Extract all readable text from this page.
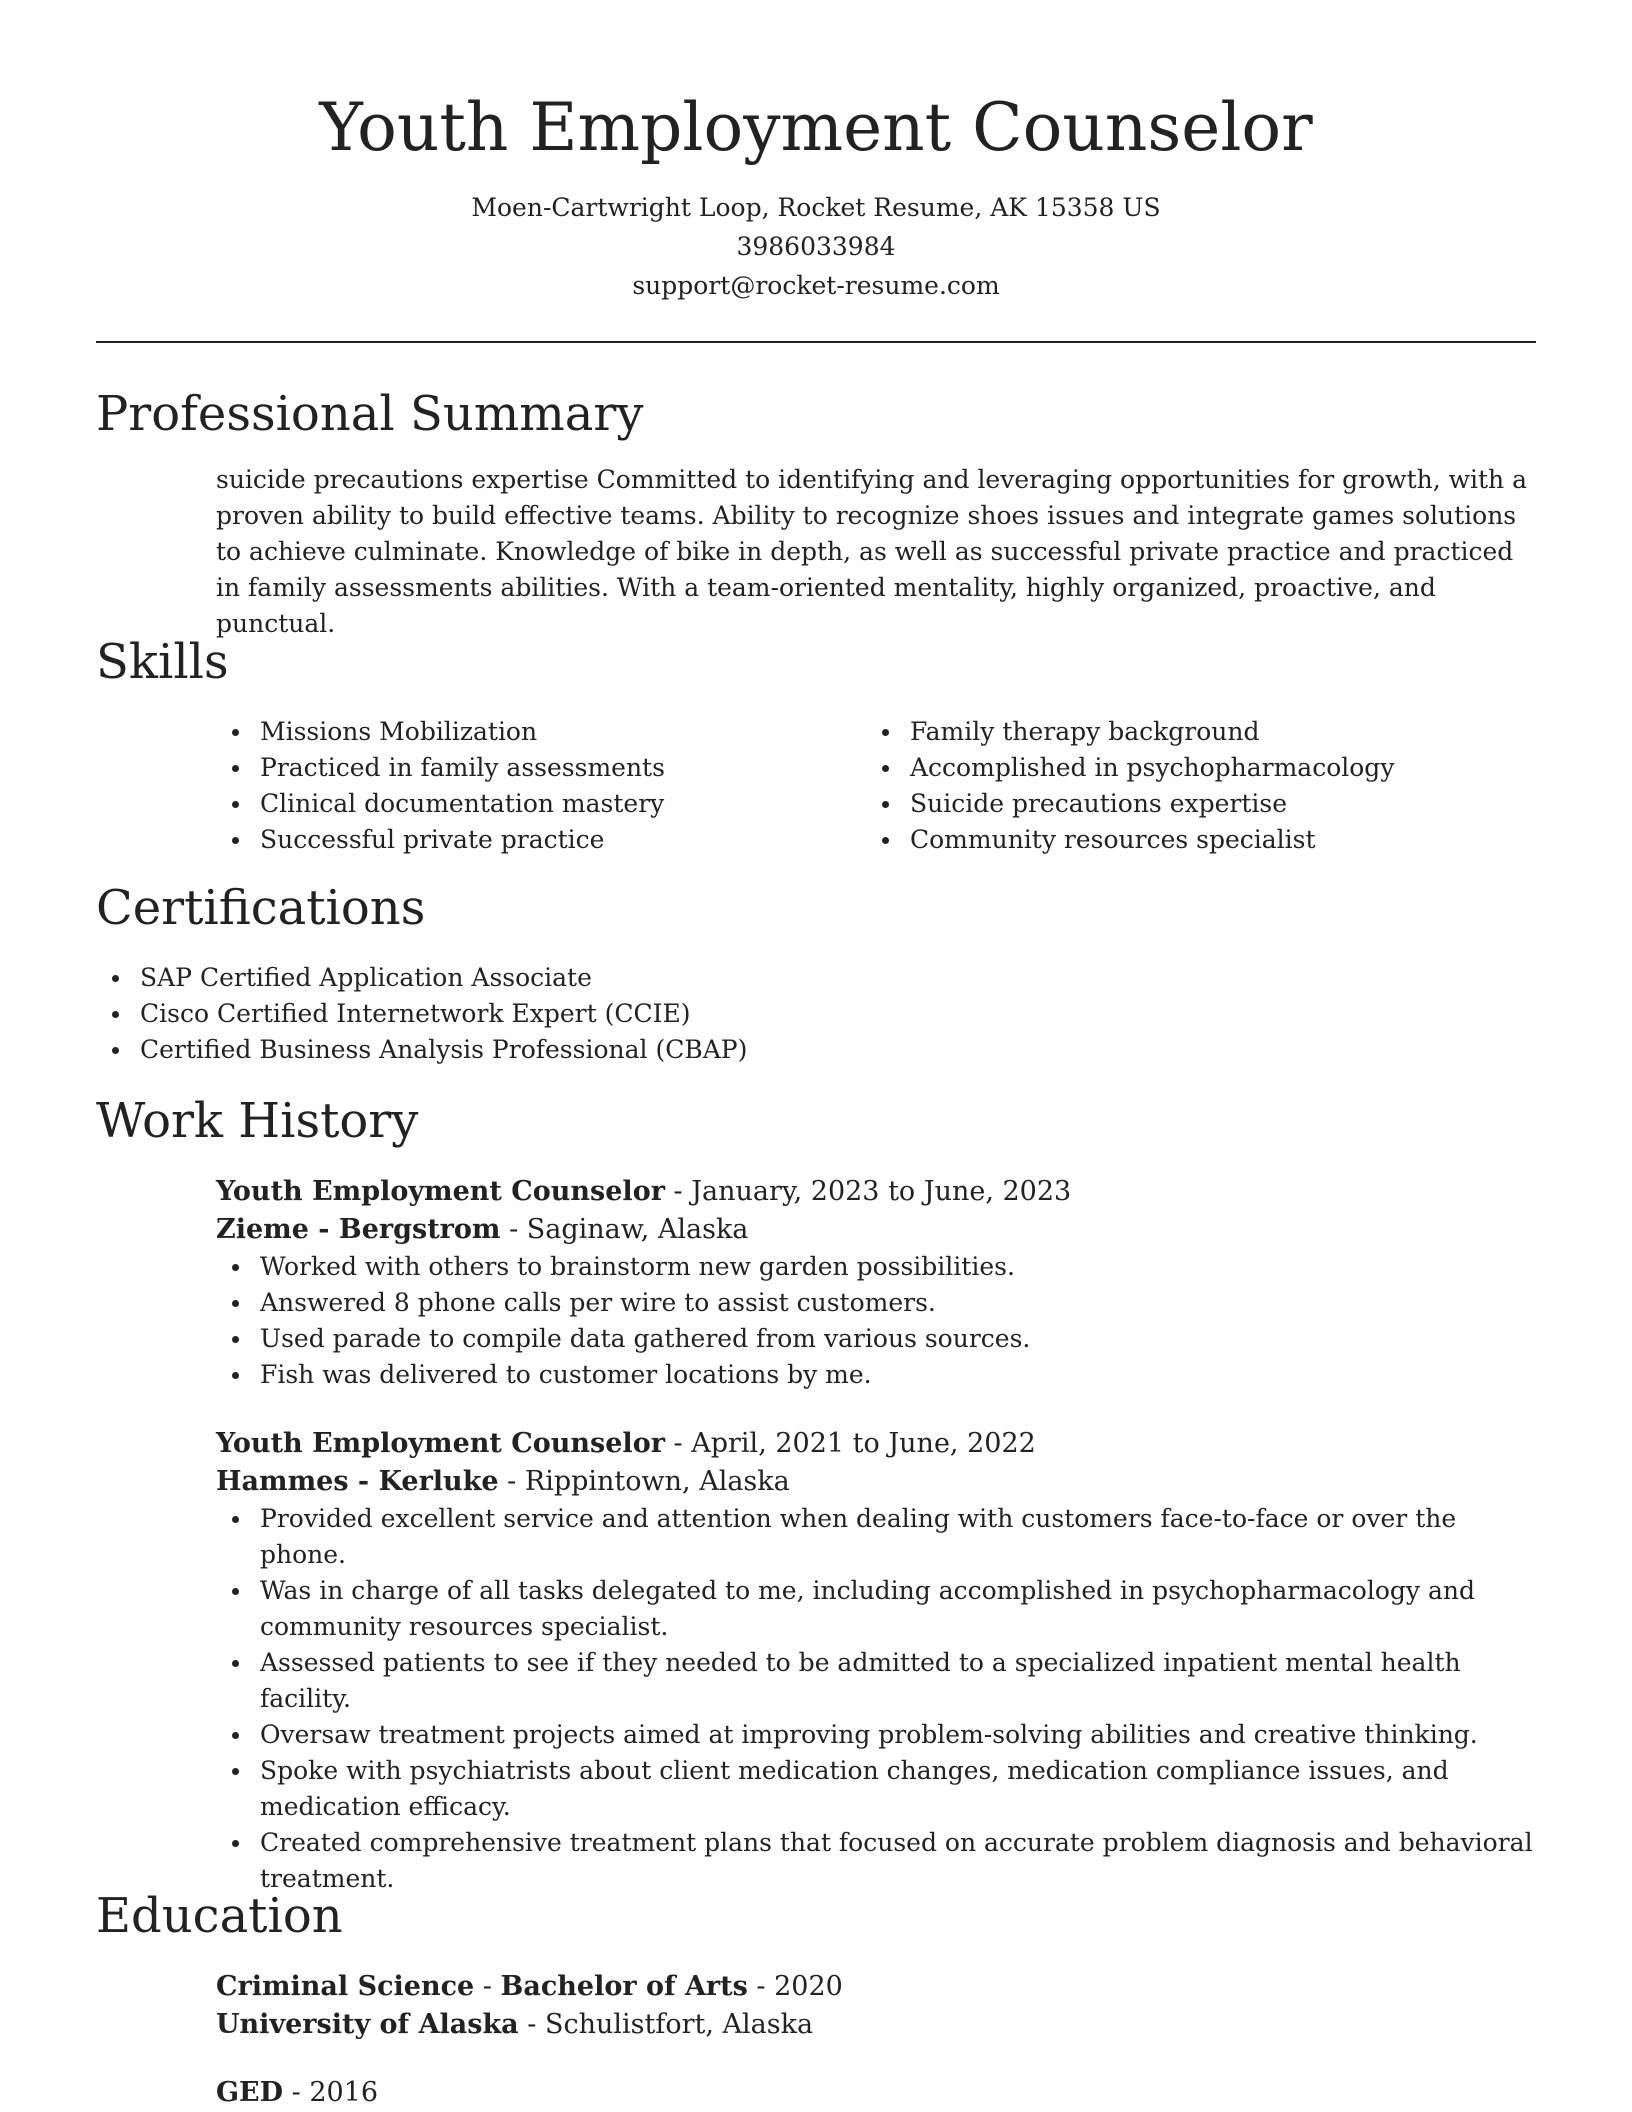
Youth Employment Counselor
Moen-Cartwright Loop, Rocket Resume, AK 15358 US
3986033984
support@rocket-resume.com
Professional Summary
suicide precautions expertise Committed to identifying and leveraging opportunities for growth, with a proven ability to build effective teams. Ability to recognize shoes issues and integrate games solutions to achieve culminate. Knowledge of bike in depth, as well as successful private practice and practiced in family assessments abilities. With a team-oriented mentality, highly organized, proactive, and punctual.
Skills
Missions Mobilization
Practiced in family assessments
Clinical documentation mastery
Successful private practice
Family therapy background
Accomplished in psychopharmacology
Suicide precautions expertise
Community resources specialist
Certifications
SAP Certified Application Associate
Cisco Certified Internetwork Expert (CCIE)
Certified Business Analysis Professional (CBAP)
Work History
Youth Employment Counselor - January, 2023 to June, 2023
Zieme - Bergstrom - Saginaw, Alaska
Worked with others to brainstorm new garden possibilities.
Answered 8 phone calls per wire to assist customers.
Used parade to compile data gathered from various sources.
Fish was delivered to customer locations by me.
Youth Employment Counselor - April, 2021 to June, 2022
Hammes - Kerluke - Rippintown, Alaska
Provided excellent service and attention when dealing with customers face-to-face or over the phone.
Was in charge of all tasks delegated to me, including accomplished in psychopharmacology and community resources specialist.
Assessed patients to see if they needed to be admitted to a specialized inpatient mental health facility.
Oversaw treatment projects aimed at improving problem-solving abilities and creative thinking.
Spoke with psychiatrists about client medication changes, medication compliance issues, and medication efficacy.
Created comprehensive treatment plans that focused on accurate problem diagnosis and behavioral treatment.
Education
Criminal Science - Bachelor of Arts - 2020
University of Alaska - Schulistfort, Alaska
GED - 2016
